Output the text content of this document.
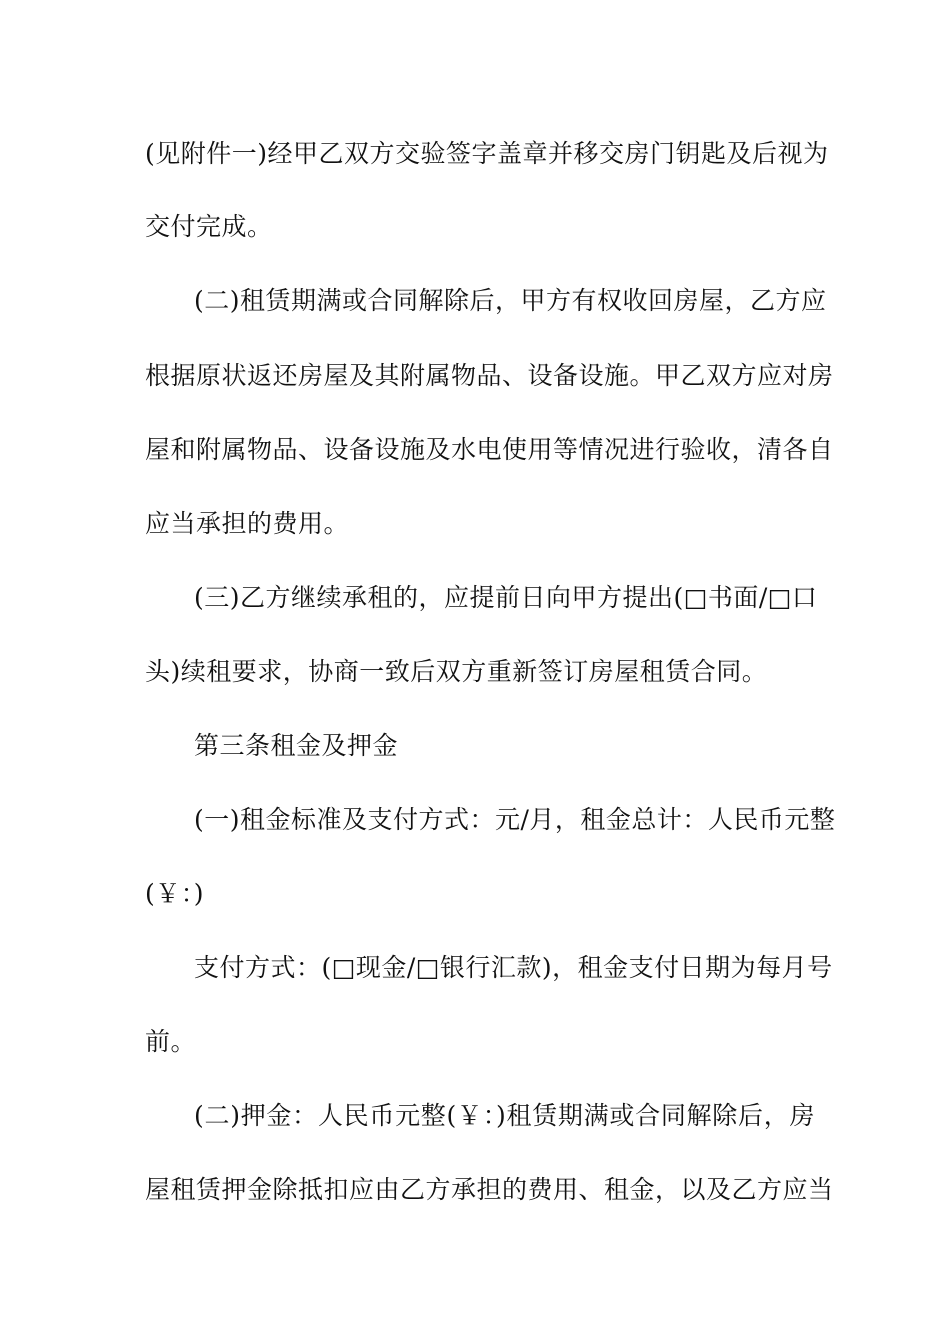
(见附件一)经甲乙双方交验签字盖章并移交房门钥匙及后视为
交付完成。
(二)租赁期满或合同解除后，甲方有权收回房屋，乙方应
根据原状返还房屋及其附属物品、设备设施。甲乙双方应对房
屋和附属物品、设备设施及水电使用等情况进行验收，清各自
应当承担的费用。
(三)乙方继续承租的，应提前日向甲方提出(□书面/□口
头)续租要求，协商一致后双方重新签订房屋租赁合同。
第三条租金及押金
(一)租金标准及支付方式：元/月，租金总计：人民币元整
(￥：)
支付方式：(□现金/□银行汇款)，租金支付日期为每月号
前。
(二)押金：人民币元整(￥：)租赁期满或合同解除后，房
屋租赁押金除抵扣应由乙方承担的费用、租金，以及乙方应当
